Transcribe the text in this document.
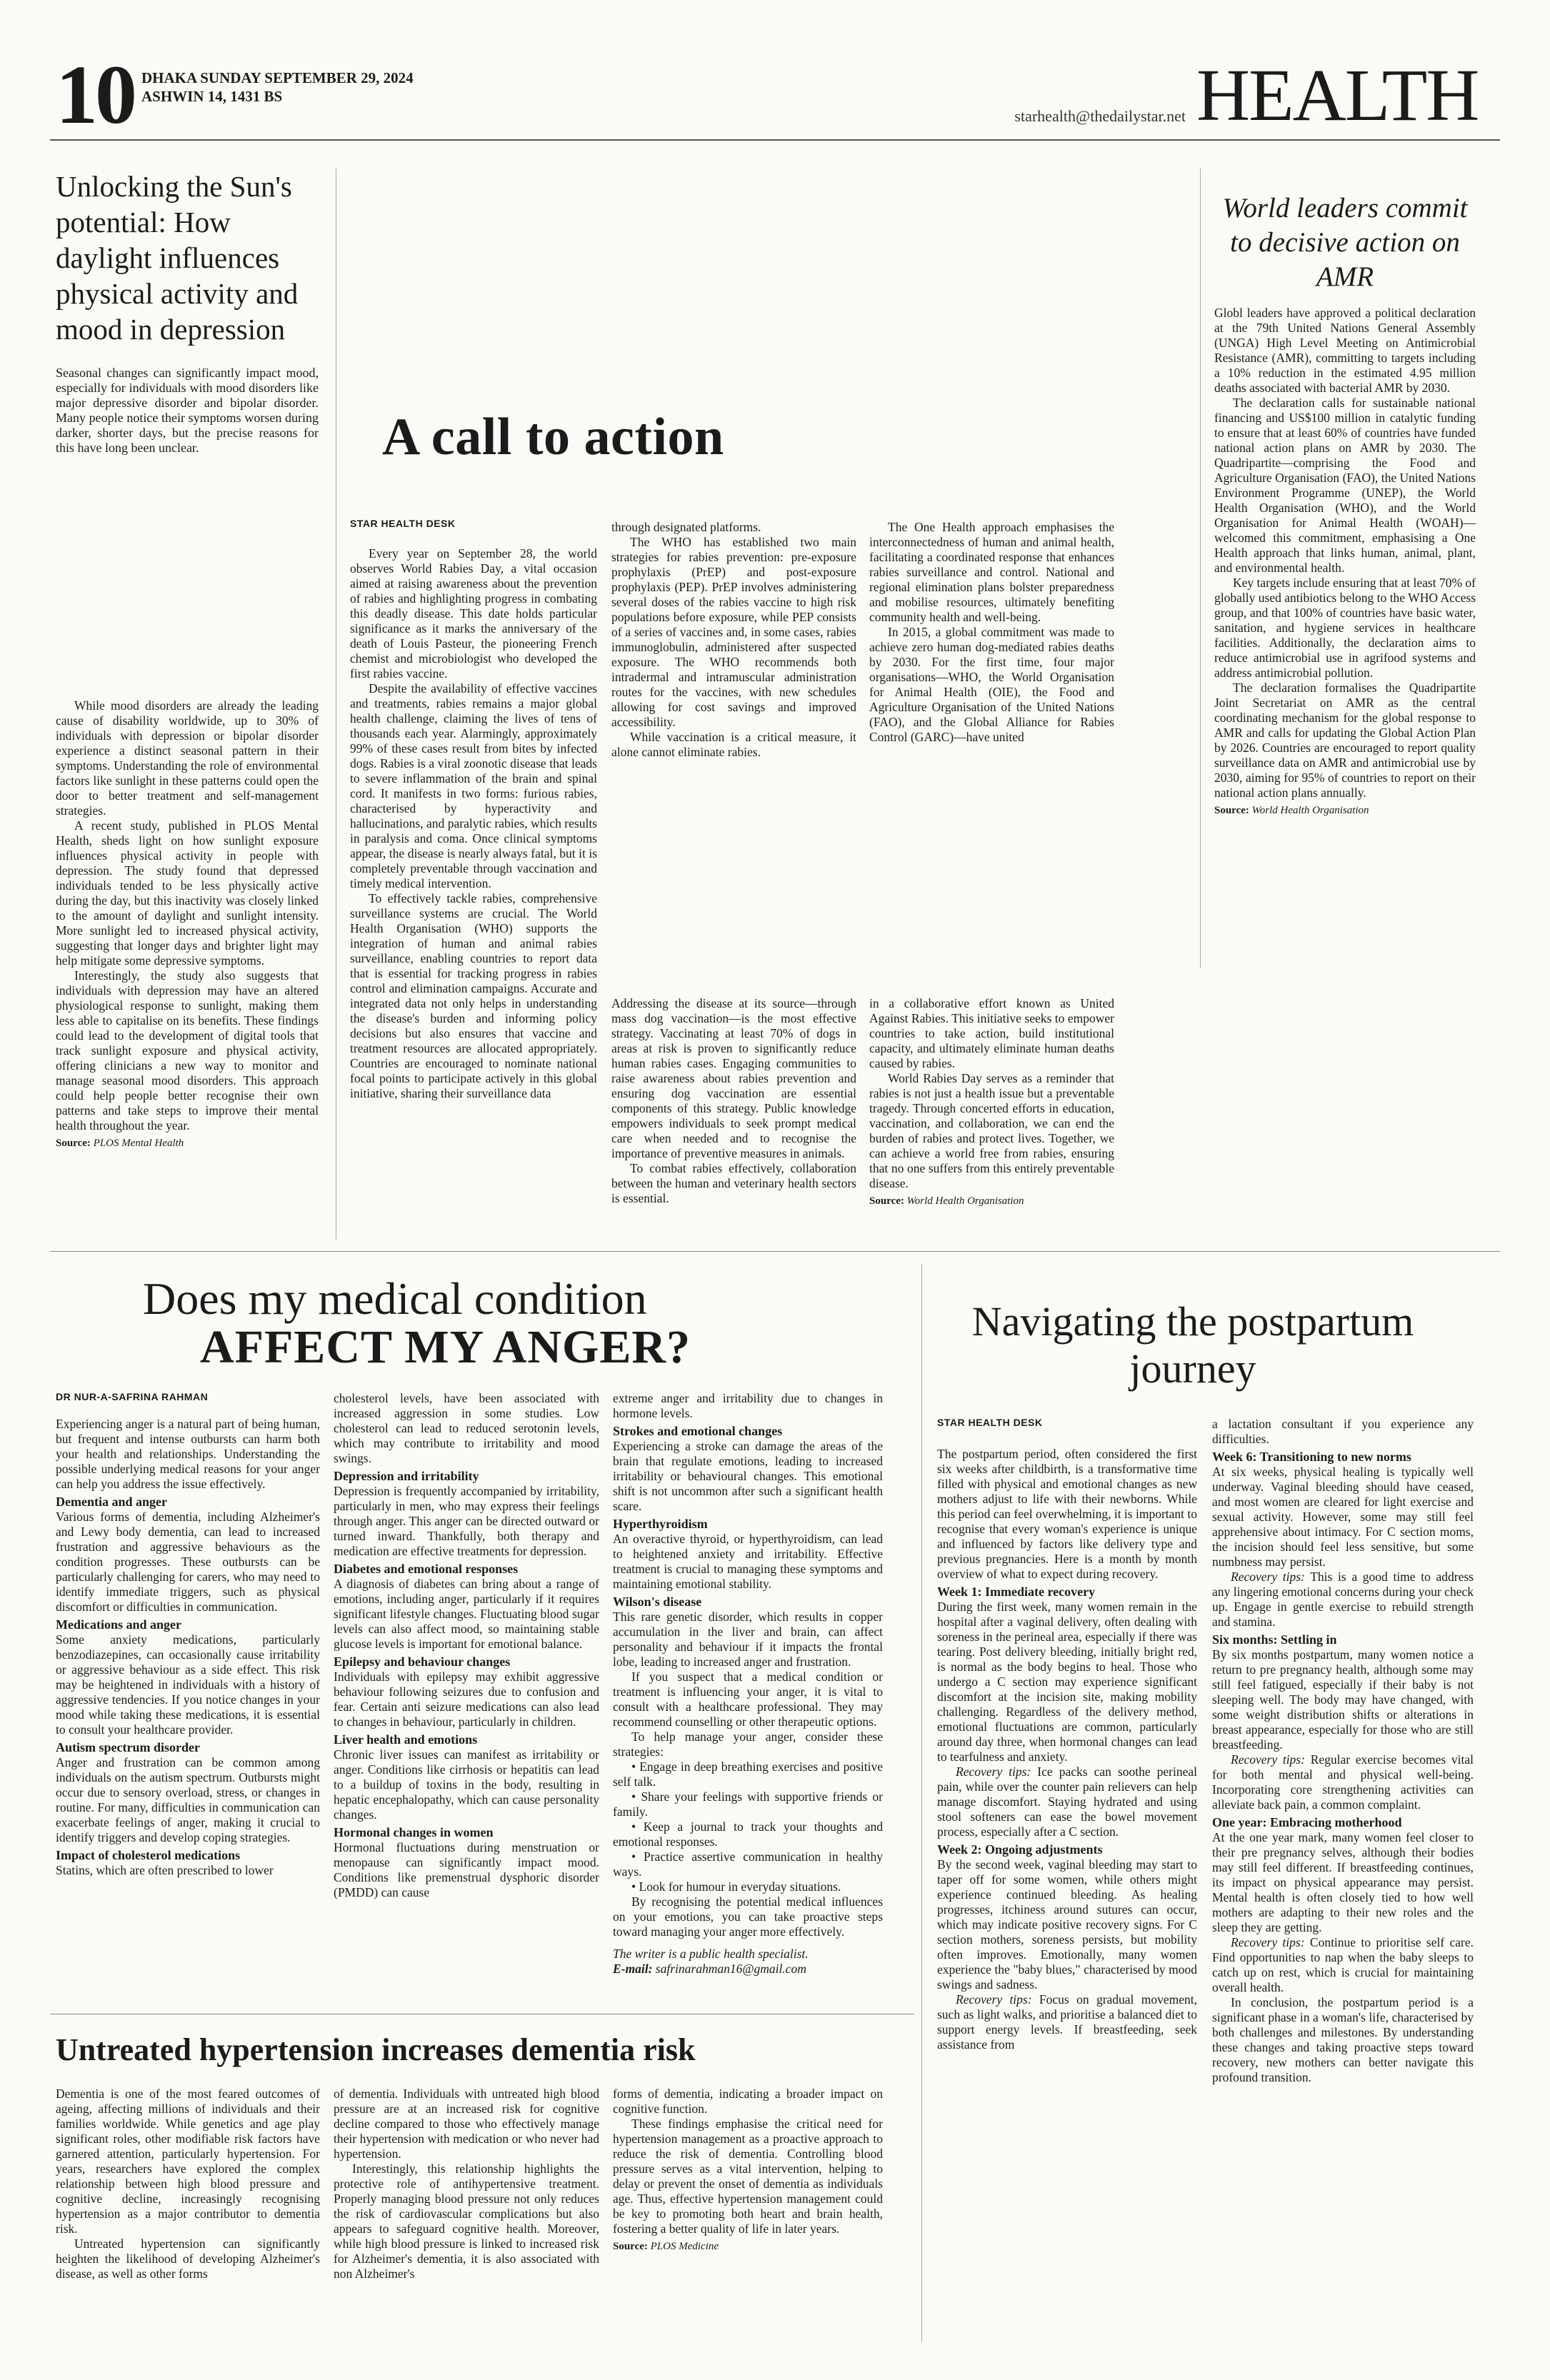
10 DHAKA SUNDAY SEPTEMBER 29, 2024
ASHWIN 14, 1431 BS
starhealth@thedailystar.net HEALTH
Unlocking the Sun's potential: How daylight influences physical activity and mood in depression

Seasonal changes can significantly impact mood, especially for individuals with mood disorders like major depressive disorder and bipolar disorder. Many people notice their symptoms worsen during darker, shorter days, but the precise reasons for this have long been unclear.

While mood disorders are already the leading cause of disability worldwide, up to 30% of individuals with depression or bipolar disorder experience a distinct seasonal pattern in their symptoms. Understanding the role of environmental factors like sunlight in these patterns could open the door to better treatment and self-management strategies.

A recent study, published in PLOS Mental Health, sheds light on how sunlight exposure influences physical activity in people with depression. The study found that depressed individuals tended to be less physically active during the day, but this inactivity was closely linked to the amount of daylight and sunlight intensity. More sunlight led to increased physical activity, suggesting that longer days and brighter light may help mitigate some depressive symptoms.

Interestingly, the study also suggests that individuals with depression may have an altered physiological response to sunlight, making them less able to capitalise on its benefits. These findings could lead to the development of digital tools that track sunlight exposure and physical activity, offering clinicians a new way to monitor and manage seasonal mood disorders. This approach could help people better recognise their own patterns and take steps to improve their mental health throughout the year.

Source: PLOS Mental Health
A call to action
STAR HEALTH DESK

Every year on September 28, the world observes World Rabies Day, a vital occasion aimed at raising awareness about the prevention of rabies and highlighting progress in combating this deadly disease. This date holds particular significance as it marks the anniversary of the death of Louis Pasteur, the pioneering French chemist and microbiologist who developed the first rabies vaccine.

Despite the availability of effective vaccines and treatments, rabies remains a major global health challenge, claiming the lives of tens of thousands each year. Alarmingly, approximately 99% of these cases result from bites by infected dogs. Rabies is a viral zoonotic disease that leads to severe inflammation of the brain and spinal cord. It manifests in two forms: furious rabies, characterised by hyperactivity and hallucinations, and paralytic rabies, which results in paralysis and coma. Once clinical symptoms appear, the disease is nearly always fatal, but it is completely preventable through vaccination and timely medical intervention.

To effectively tackle rabies, comprehensive surveillance systems are crucial. The World Health Organisation (WHO) supports the integration of human and animal rabies surveillance, enabling countries to report data that is essential for tracking progress in rabies control and elimination campaigns. Accurate and integrated data not only helps in understanding the disease's burden and informing policy decisions but also ensures that vaccine and treatment resources are allocated appropriately. Countries are encouraged to nominate national focal points to participate actively in this global initiative, sharing their surveillance data

through designated platforms.

The WHO has established two main strategies for rabies prevention: pre-exposure prophylaxis (PrEP) and post-exposure prophylaxis (PEP). PrEP involves administering several doses of the rabies vaccine to high risk populations before exposure, while PEP consists of a series of vaccines and, in some cases, rabies immunoglobulin, administered after suspected exposure. The WHO recommends both intradermal and intramuscular administration routes for the vaccines, with new schedules allowing for cost savings and improved accessibility.

While vaccination is a critical measure, it alone cannot eliminate rabies.

The One Health approach emphasises the interconnectedness of human and animal health, facilitating a coordinated response that enhances rabies surveillance and control. National and regional elimination plans bolster preparedness and mobilise resources, ultimately benefiting community health and well-being.

In 2015, a global commitment was made to achieve zero human dog-mediated rabies deaths by 2030. For the first time, four major organisations—WHO, the World Organisation for Animal Health (OIE), the Food and Agriculture Organisation of the United Nations (FAO), and the Global Alliance for Rabies Control (GARC)—have united

Addressing the disease at its source—through mass dog vaccination—is the most effective strategy. Vaccinating at least 70% of dogs in areas at risk is proven to significantly reduce human rabies cases. Engaging communities to raise awareness about rabies prevention and ensuring dog vaccination are essential components of this strategy. Public knowledge empowers individuals to seek prompt medical care when needed and to recognise the importance of preventive measures in animals.

To combat rabies effectively, collaboration between the human and veterinary health sectors is essential.

in a collaborative effort known as United Against Rabies. This initiative seeks to empower countries to take action, build institutional capacity, and ultimately eliminate human deaths caused by rabies.

World Rabies Day serves as a reminder that rabies is not just a health issue but a preventable tragedy. Through concerted efforts in education, vaccination, and collaboration, we can end the burden of rabies and protect lives. Together, we can achieve a world free from rabies, ensuring that no one suffers from this entirely preventable disease.

Source: World Health Organisation
World leaders commit to decisive action on AMR

Globl leaders have approved a political declaration at the 79th United Nations General Assembly (UNGA) High Level Meeting on Antimicrobial Resistance (AMR), committing to targets including a 10% reduction in the estimated 4.95 million deaths associated with bacterial AMR by 2030.

The declaration calls for sustainable national financing and US$100 million in catalytic funding to ensure that at least 60% of countries have funded national action plans on AMR by 2030. The Quadripartite—comprising the Food and Agriculture Organisation (FAO), the United Nations Environment Programme (UNEP), the World Health Organisation (WHO), and the World Organisation for Animal Health (WOAH)—welcomed this commitment, emphasising a One Health approach that links human, animal, plant, and environmental health.

Key targets include ensuring that at least 70% of globally used antibiotics belong to the WHO Access group, and that 100% of countries have basic water, sanitation, and hygiene services in healthcare facilities. Additionally, the declaration aims to reduce antimicrobial use in agrifood systems and address antimicrobial pollution.

The declaration formalises the Quadripartite Joint Secretariat on AMR as the central coordinating mechanism for the global response to AMR and calls for updating the Global Action Plan by 2026. Countries are encouraged to report quality surveillance data on AMR and antimicrobial use by 2030, aiming for 95% of countries to report on their national action plans annually.

Source: World Health Organisation
Does my medical condition
AFFECT MY ANGER?
DR NUR-A-SAFRINA RAHMAN

Experiencing anger is a natural part of being human, but frequent and intense outbursts can harm both your health and relationships. Understanding the possible underlying medical reasons for your anger can help you address the issue effectively.

Dementia and anger

Various forms of dementia, including Alzheimer's and Lewy body dementia, can lead to increased frustration and aggressive behaviours as the condition progresses. These outbursts can be particularly challenging for carers, who may need to identify immediate triggers, such as physical discomfort or difficulties in communication.

Medications and anger

Some anxiety medications, particularly benzodiazepines, can occasionally cause irritability or aggressive behaviour as a side effect. This risk may be heightened in individuals with a history of aggressive tendencies. If you notice changes in your mood while taking these medications, it is essential to consult your healthcare provider.

Autism spectrum disorder

Anger and frustration can be common among individuals on the autism spectrum. Outbursts might occur due to sensory overload, stress, or changes in routine. For many, difficulties in communication can exacerbate feelings of anger, making it crucial to identify triggers and develop coping strategies.

Impact of cholesterol medications

Statins, which are often prescribed to lower

cholesterol levels, have been associated with increased aggression in some studies. Low cholesterol can lead to reduced serotonin levels, which may contribute to irritability and mood swings.

Depression and irritability

Depression is frequently accompanied by irritability, particularly in men, who may express their feelings through anger. This anger can be directed outward or turned inward. Thankfully, both therapy and medication are effective treatments for depression.

Diabetes and emotional responses

A diagnosis of diabetes can bring about a range of emotions, including anger, particularly if it requires significant lifestyle changes. Fluctuating blood sugar levels can also affect mood, so maintaining stable glucose levels is important for emotional balance.

Epilepsy and behaviour changes

Individuals with epilepsy may exhibit aggressive behaviour following seizures due to confusion and fear. Certain anti seizure medications can also lead to changes in behaviour, particularly in children.

Liver health and emotions

Chronic liver issues can manifest as irritability or anger. Conditions like cirrhosis or hepatitis can lead to a buildup of toxins in the body, resulting in hepatic encephalopathy, which can cause personality changes.

Hormonal changes in women

Hormonal fluctuations during menstruation or menopause can significantly impact mood. Conditions like premenstrual dysphoric disorder (PMDD) can cause

extreme anger and irritability due to changes in hormone levels.

Strokes and emotional changes

Experiencing a stroke can damage the areas of the brain that regulate emotions, leading to increased irritability or behavioural changes. This emotional shift is not uncommon after such a significant health scare.

Hyperthyroidism

An overactive thyroid, or hyperthyroidism, can lead to heightened anxiety and irritability. Effective treatment is crucial to managing these symptoms and maintaining emotional stability.

Wilson's disease

This rare genetic disorder, which results in copper accumulation in the liver and brain, can affect personality and behaviour if it impacts the frontal lobe, leading to increased anger and frustration.

If you suspect that a medical condition or treatment is influencing your anger, it is vital to consult with a healthcare professional. They may recommend counselling or other therapeutic options.

To help manage your anger, consider these strategies:

• Engage in deep breathing exercises and positive self talk.

• Share your feelings with supportive friends or family.

• Keep a journal to track your thoughts and emotional responses.

• Practice assertive communication in healthy ways.

• Look for humour in everyday situations.

By recognising the potential medical influences on your emotions, you can take proactive steps toward managing your anger more effectively.

The writer is a public health specialist.

E-mail: safrinarahman16@gmail.com

Untreated hypertension increases dementia risk

Dementia is one of the most feared outcomes of ageing, affecting millions of individuals and their families worldwide. While genetics and age play significant roles, other modifiable risk factors have garnered attention, particularly hypertension. For years, researchers have explored the complex relationship between high blood pressure and cognitive decline, increasingly recognising hypertension as a major contributor to dementia risk.

Untreated hypertension can significantly heighten the likelihood of developing Alzheimer's disease, as well as other forms

of dementia. Individuals with untreated high blood pressure are at an increased risk for cognitive decline compared to those who effectively manage their hypertension with medication or who never had hypertension.

Interestingly, this relationship highlights the protective role of antihypertensive treatment. Properly managing blood pressure not only reduces the risk of cardiovascular complications but also appears to safeguard cognitive health. Moreover, while high blood pressure is linked to increased risk for Alzheimer's dementia, it is also associated with non Alzheimer's

forms of dementia, indicating a broader impact on cognitive function.

These findings emphasise the critical need for hypertension management as a proactive approach to reduce the risk of dementia. Controlling blood pressure serves as a vital intervention, helping to delay or prevent the onset of dementia as individuals age. Thus, effective hypertension management could be key to promoting both heart and brain health, fostering a better quality of life in later years.

Source: PLOS Medicine
Navigating the postpartum journey
STAR HEALTH DESK

The postpartum period, often considered the first six weeks after childbirth, is a transformative time filled with physical and emotional changes as new mothers adjust to life with their newborns. While this period can feel overwhelming, it is important to recognise that every woman's experience is unique and influenced by factors like delivery type and previous pregnancies. Here is a month by month overview of what to expect during recovery.

Week 1: Immediate recovery

During the first week, many women remain in the hospital after a vaginal delivery, often dealing with soreness in the perineal area, especially if there was tearing. Post delivery bleeding, initially bright red, is normal as the body begins to heal. Those who undergo a C section may experience significant discomfort at the incision site, making mobility challenging. Regardless of the delivery method, emotional fluctuations are common, particularly around day three, when hormonal changes can lead to tearfulness and anxiety.

Recovery tips: Ice packs can soothe perineal pain, while over the counter pain relievers can help manage discomfort. Staying hydrated and using stool softeners can ease the bowel movement process, especially after a C section.

Week 2: Ongoing adjustments

By the second week, vaginal bleeding may start to taper off for some women, while others might experience continued bleeding. As healing progresses, itchiness around sutures can occur, which may indicate positive recovery signs. For C section mothers, soreness persists, but mobility often improves. Emotionally, many women experience the "baby blues," characterised by mood swings and sadness.

Recovery tips: Focus on gradual movement, such as light walks, and prioritise a balanced diet to support energy levels. If breastfeeding, seek assistance from

a lactation consultant if you experience any difficulties.

Week 6: Transitioning to new norms

At six weeks, physical healing is typically well underway. Vaginal bleeding should have ceased, and most women are cleared for light exercise and sexual activity. However, some may still feel apprehensive about intimacy. For C section moms, the incision should feel less sensitive, but some numbness may persist.

Recovery tips: This is a good time to address any lingering emotional concerns during your check up. Engage in gentle exercise to rebuild strength and stamina.

Six months: Settling in

By six months postpartum, many women notice a return to pre pregnancy health, although some may still feel fatigued, especially if their baby is not sleeping well. The body may have changed, with some weight distribution shifts or alterations in breast appearance, especially for those who are still breastfeeding.

Recovery tips: Regular exercise becomes vital for both mental and physical well-being. Incorporating core strengthening activities can alleviate back pain, a common complaint.

One year: Embracing motherhood

At the one year mark, many women feel closer to their pre pregnancy selves, although their bodies may still feel different. If breastfeeding continues, its impact on physical appearance may persist. Mental health is often closely tied to how well mothers are adapting to their new roles and the sleep they are getting.

Recovery tips: Continue to prioritise self care. Find opportunities to nap when the baby sleeps to catch up on rest, which is crucial for maintaining overall health.

In conclusion, the postpartum period is a significant phase in a woman's life, characterised by both challenges and milestones. By understanding these changes and taking proactive steps toward recovery, new mothers can better navigate this profound transition.
